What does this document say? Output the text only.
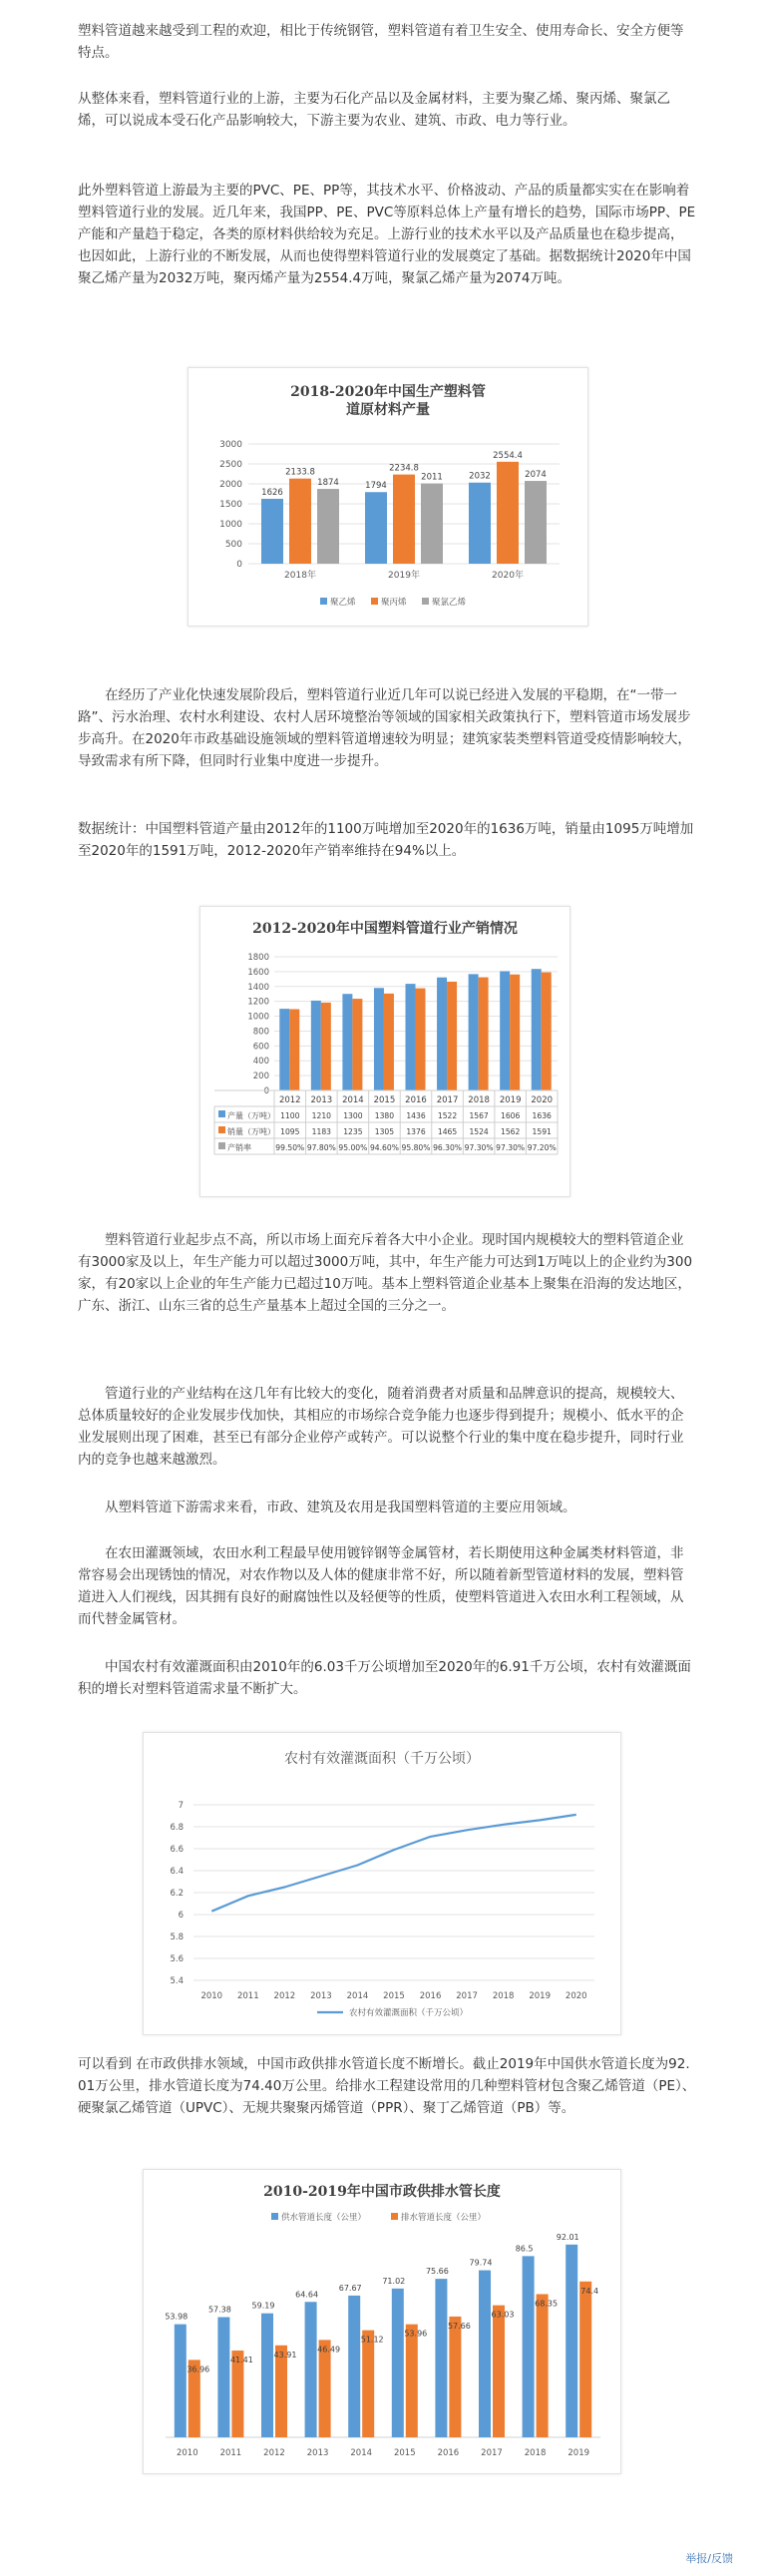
塑料管道越来越受到工程的欢迎，相比于传统钢管，塑料管道有着卫生安全、使用寿命长、安全方便等特点。

从整体来看，塑料管道行业的上游，主要为石化产品以及金属材料，主要为聚乙烯、聚丙烯、聚氯乙烯，可以说成本受石化产品影响较大，下游主要为农业、建筑、市政、电力等行业。

此外塑料管道上游最为主要的PVC、PE、PP等，其技术水平、价格波动、产品的质量都实实在在影响着塑料管道行业的发展。近几年来，我国PP、PE、PVC等原料总体上产量有增长的趋势，国际市场PP、PE产能和产量趋于稳定，各类的原材料供给较为充足。上游行业的技术水平以及产品质量也在稳步提高，也因如此，上游行业的不断发展，从而也使得塑料管道行业的发展奠定了基础。据数据统计2020年中国聚乙烯产量为2032万吨，聚丙烯产量为2554.4万吨，聚氯乙烯产量为2074万吨。

2018-2020年中国生产塑料管
道原材料产量
0
500
1000
1500
2000
2500
3000
2018年
1626
2133.8
1874
2019年
1794
2234.8
2011
2020年
2032
2554.4
2074
聚乙烯	聚丙烯	聚氯乙烯

在经历了产业化快速发展阶段后，塑料管道行业近几年可以说已经进入发展的平稳期，在“一带一路”、污水治理、农村水利建设、农村人居环境整治等领域的国家相关政策执行下，塑料管道市场发展步步高升。在2020年市政基础设施领域的塑料管道增速较为明显；建筑家装类塑料管道受疫情影响较大，导致需求有所下降，但同时行业集中度进一步提升。

数据统计：中国塑料管道产量由2012年的1100万吨增加至2020年的1636万吨，销量由1095万吨增加至2020年的1591万吨，2012-2020年产销率维持在94%以上。

2012-2020年中国塑料管道行业产销情况
0
200
400
600
800
1000
1200
1400
1600
1800
2012 2013 2014 2015 2016 2017 2018 2019 2020
产量（万吨） 1100 1210 1300 1380 1436 1522 1567 1606 1636
销量（万吨） 1095 1183 1235 1305 1376 1465 1524 1562 1591
产销率	99.50% 97.80% 95.00% 94.60% 95.80% 96.30% 97.30% 97.30% 97.20%

塑料管道行业起步点不高，所以市场上面充斥着各大中小企业。现时国内规模较大的塑料管道企业有3000家及以上，年生产能力可以超过3000万吨，其中，年生产能力可达到1万吨以上的企业约为300家，有20家以上企业的年生产能力已超过10万吨。基本上塑料管道企业基本上聚集在沿海的发达地区，广东、浙江、山东三省的总生产量基本上超过全国的三分之一。

管道行业的产业结构在这几年有比较大的变化，随着消费者对质量和品牌意识的提高，规模较大、总体质量较好的企业发展步伐加快，其相应的市场综合竞争能力也逐步得到提升；规模小、低水平的企业发展则出现了困难，甚至已有部分企业停产或转产。可以说整个行业的集中度在稳步提升，同时行业内的竞争也越来越激烈。

从塑料管道下游需求来看，市政、建筑及农用是我国塑料管道的主要应用领域。

在农田灌溉领域，农田水利工程最早使用镀锌钢等金属管材，若长期使用这种金属类材料管道，非常容易会出现锈蚀的情况，对农作物以及人体的健康非常不好，所以随着新型管道材料的发展，塑料管道进入人们视线，因其拥有良好的耐腐蚀性以及轻便等的性质，使塑料管道进入农田水利工程领域，从而代替金属管材。

中国农村有效灌溉面积由2010年的6.03千万公顷增加至2020年的6.91千万公顷，农村有效灌溉面积的增长对塑料管道需求量不断扩大。

农村有效灌溉面积（千万公顷）
5.4
5.6
5.8
6
6.2
6.4
6.6
6.8
7
2010 2011 2012 2013 2014 2015 2016 2017 2018 2019 2020
农村有效灌溉面积（千万公顷）

可以看到 在市政供排水领域，中国市政供排水管道长度不断增长。截止2019年中国供水管道长度为92.01万公里，排水管道长度为74.40万公里。给排水工程建设常用的几种塑料管材包含聚乙烯管道（PE）、硬聚氯乙烯管道（UPVC）、无规共聚聚丙烯管道（PPR）、聚丁乙烯管道（PB）等。

2010-2019年中国市政供排水管长度
供水管道长度（公里）	排水管道长度（公里）
2010
53.98
36.96
2011
57.38
41.41
2012
59.19
43.91
2013
64.64
46.49
2014
67.67
51.12
2015
71.02
53.96
2016
75.66
57.66
2017
79.74
63.03
2018
86.5
68.35
2019
92.01
74.4
举报/反馈
